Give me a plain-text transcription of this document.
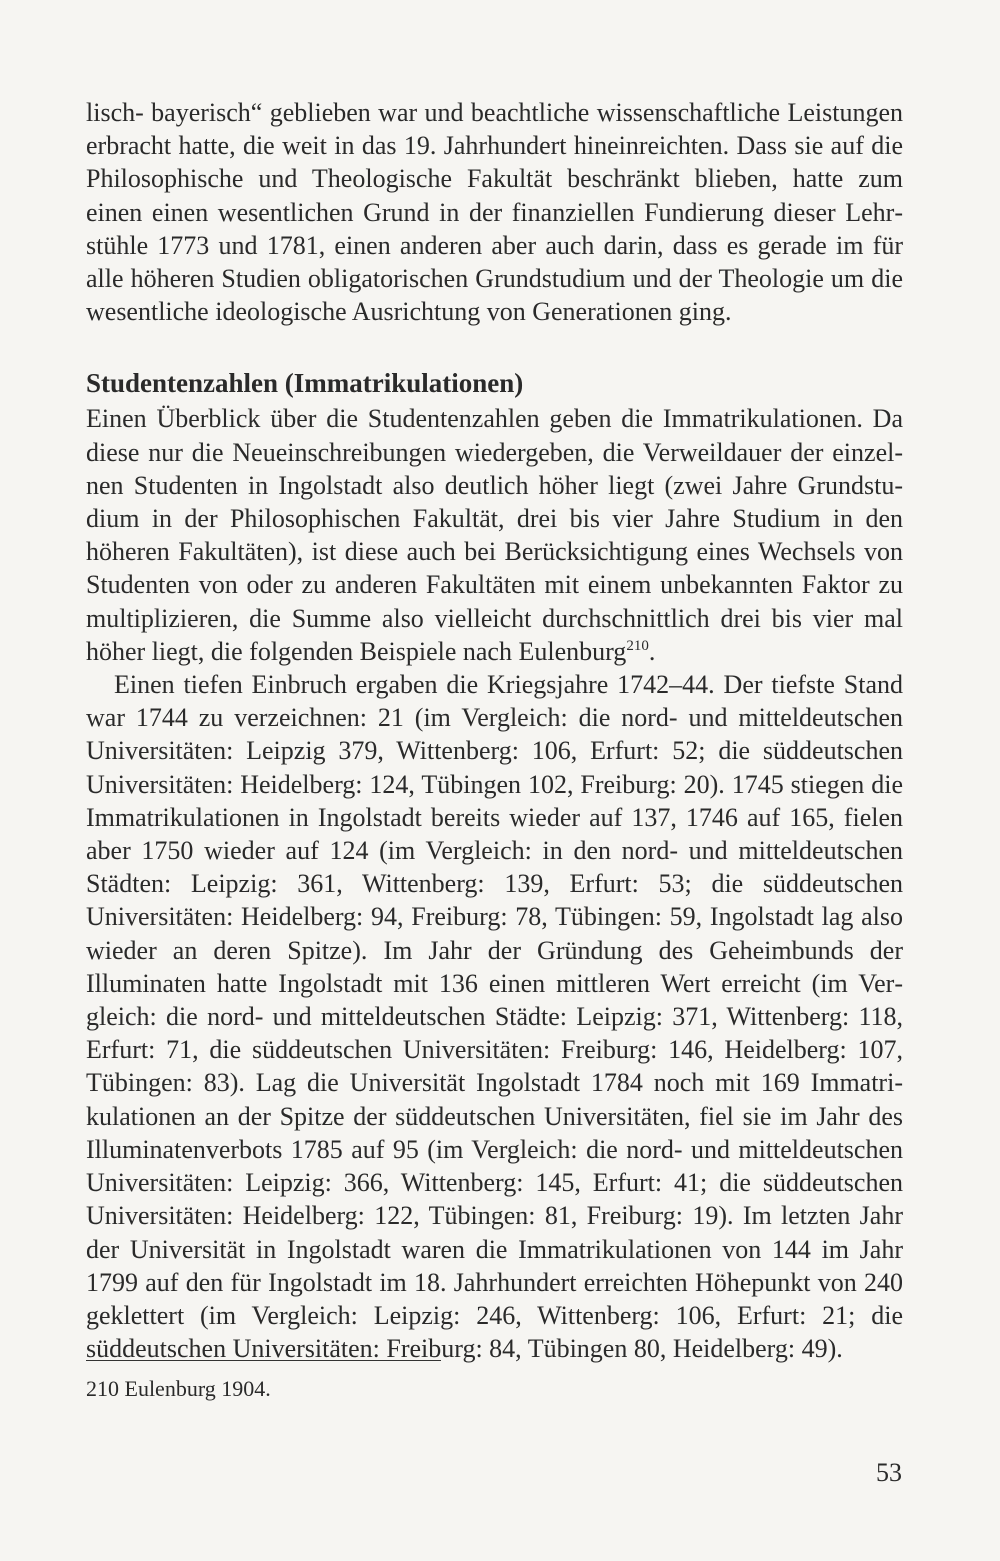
lisch- bayerisch“ geblieben war und beachtliche wissenschaftliche Leistungen erbracht hatte, die weit in das 19. Jahrhundert hineinreichten. Dass sie auf die Philosophische und Theologische Fakultät beschränkt blieben, hatte zum einen einen wesentlichen Grund in der finanziellen Fundierung dieser Lehrstühle 1773 und 1781, einen anderen aber auch darin, dass es gerade im für alle höheren Studien obligatorischen Grundstudium und der Theologie um die wesentliche ideologische Ausrichtung von Generationen ging.

Studentenzahlen (Immatrikulationen)

Einen Überblick über die Studentenzahlen geben die Immatrikulationen. Da diese nur die Neueinschreibungen wiedergeben, die Verweildauer der einzelnen Studenten in Ingolstadt also deutlich höher liegt (zwei Jahre Grundstudium in der Philosophischen Fakultät, drei bis vier Jahre Studium in den höheren Fakultäten), ist diese auch bei Berücksichtigung eines Wechsels von Studenten von oder zu anderen Fakultäten mit einem unbekannten Faktor zu multiplizieren, die Summe also vielleicht durchschnittlich drei bis vier mal höher liegt, die folgenden Beispiele nach Eulenburg$^{210}$.

Einen tiefen Einbruch ergaben die Kriegsjahre 1742–44. Der tiefste Stand war 1744 zu verzeichnen: 21 (im Vergleich: die nord- und mitteldeutschen Universitäten: Leipzig 379, Wittenberg: 106, Erfurt: 52; die süddeutschen Universitäten: Heidelberg: 124, Tübingen 102, Freiburg: 20). 1745 stiegen die Immatrikulationen in Ingolstadt bereits wieder auf 137, 1746 auf 165, fielen aber 1750 wieder auf 124 (im Vergleich: in den nord- und mitteldeutschen Städten: Leipzig: 361, Wittenberg: 139, Erfurt: 53; die süddeutschen Universitäten: Heidelberg: 94, Freiburg: 78, Tübingen: 59, Ingolstadt lag also wieder an deren Spitze). Im Jahr der Gründung des Geheimbunds der Illuminaten hatte Ingolstadt mit 136 einen mittleren Wert erreicht (im Vergleich: die nord- und mitteldeutschen Städte: Leipzig: 371, Wittenberg: 118, Erfurt: 71, die süddeutschen Universitäten: Freiburg: 146, Heidelberg: 107, Tübingen: 83). Lag die Universität Ingolstadt 1784 noch mit 169 Immatrikulationen an der Spitze der süddeutschen Universitäten, fiel sie im Jahr des Illuminatenverbots 1785 auf 95 (im Vergleich: die nord- und mitteldeutschen Universitäten: Leipzig: 366, Wittenberg: 145, Erfurt: 41; die süddeutschen Universitäten: Heidelberg: 122, Tübingen: 81, Freiburg: 19). Im letzten Jahr der Universität in Ingolstadt waren die Immatrikulationen von 144 im Jahr 1799 auf den für Ingolstadt im 18. Jahrhundert erreichten Höhepunkt von 240 geklettert (im Vergleich: Leipzig: 246, Wittenberg: 106, Erfurt: 21; die süddeutschen Universitäten: Freiburg: 84, Tübingen 80, Heidelberg: 49).

210 Eulenburg 1904.
53
